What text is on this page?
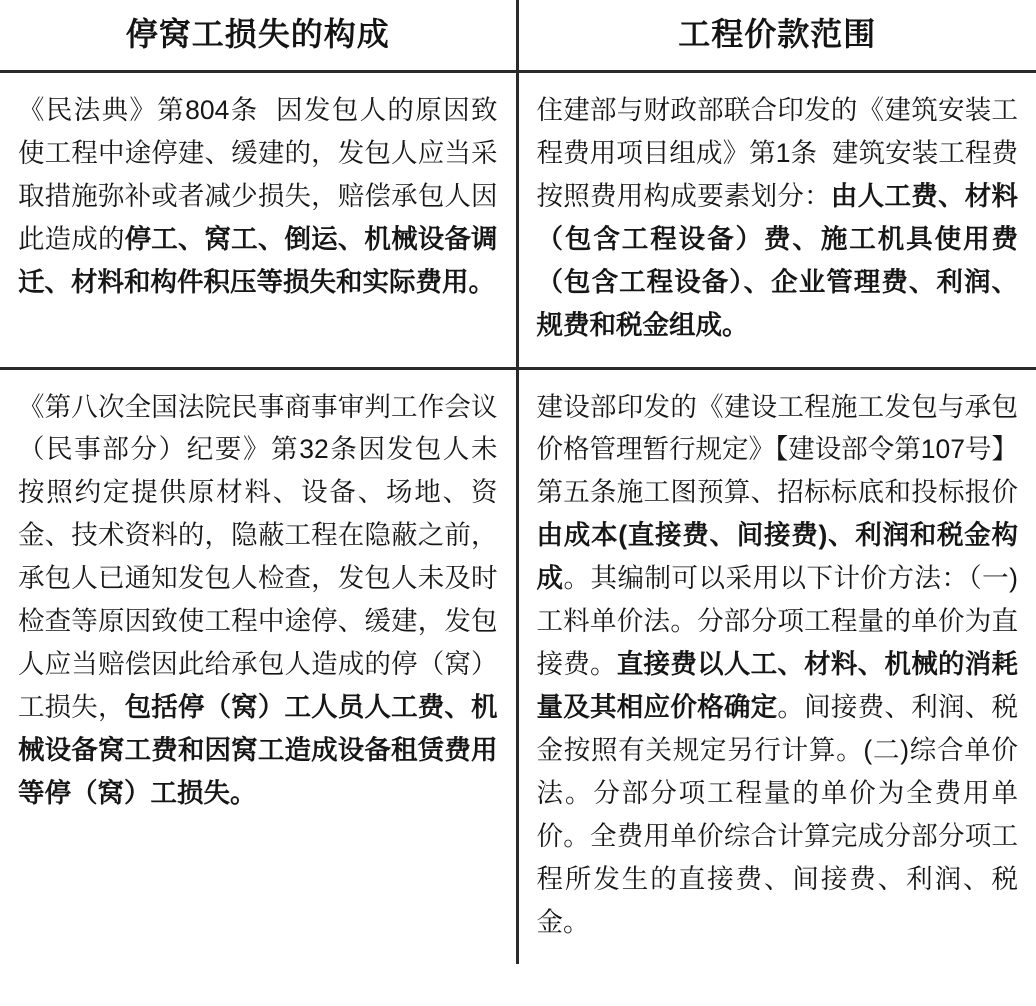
停窝工损失的构成	工程价款范围

《民法典》第804条  因发包人的原因致使工程中途停建、缓建的，发包人应当采取措施弥补或者减少损失，赔偿承包人因此造成的停工、窝工、倒运、机械设备调迁、材料和构件积压等损失和实际费用。	住建部与财政部联合印发的《建筑安装工程费用项目组成》第1条  建筑安装工程费按照费用构成要素划分：由人工费、材料（包含工程设备）费、施工机具使用费（包含工程设备）、企业管理费、利润、规费和税金组成。

《第八次全国法院民事商事审判工作会议（民事部分）纪要》第32条因发包人未按照约定提供原材料、设备、场地、资金、技术资料的，隐蔽工程在隐蔽之前，承包人已通知发包人检查，发包人未及时检查等原因致使工程中途停、缓建，发包人应当赔偿因此给承包人造成的停（窝）工损失，包括停（窝）工人员人工费、机械设备窝工费和因窝工造成设备租赁费用等停（窝）工损失。	建设部印发的《建设工程施工发包与承包价格管理暂行规定》【建设部令第107号】第五条施工图预算、招标标底和投标报价由成本(直接费、间接费)、利润和税金构成。其编制可以采用以下计价方法：（一)工料单价法。分部分项工程量的单价为直接费。直接费以人工、材料、机械的消耗量及其相应价格确定。间接费、利润、税金按照有关规定另行计算。(二)综合单价法。分部分项工程量的单价为全费用单价。全费用单价综合计算完成分部分项工程所发生的直接费、间接费、利润、税金。
